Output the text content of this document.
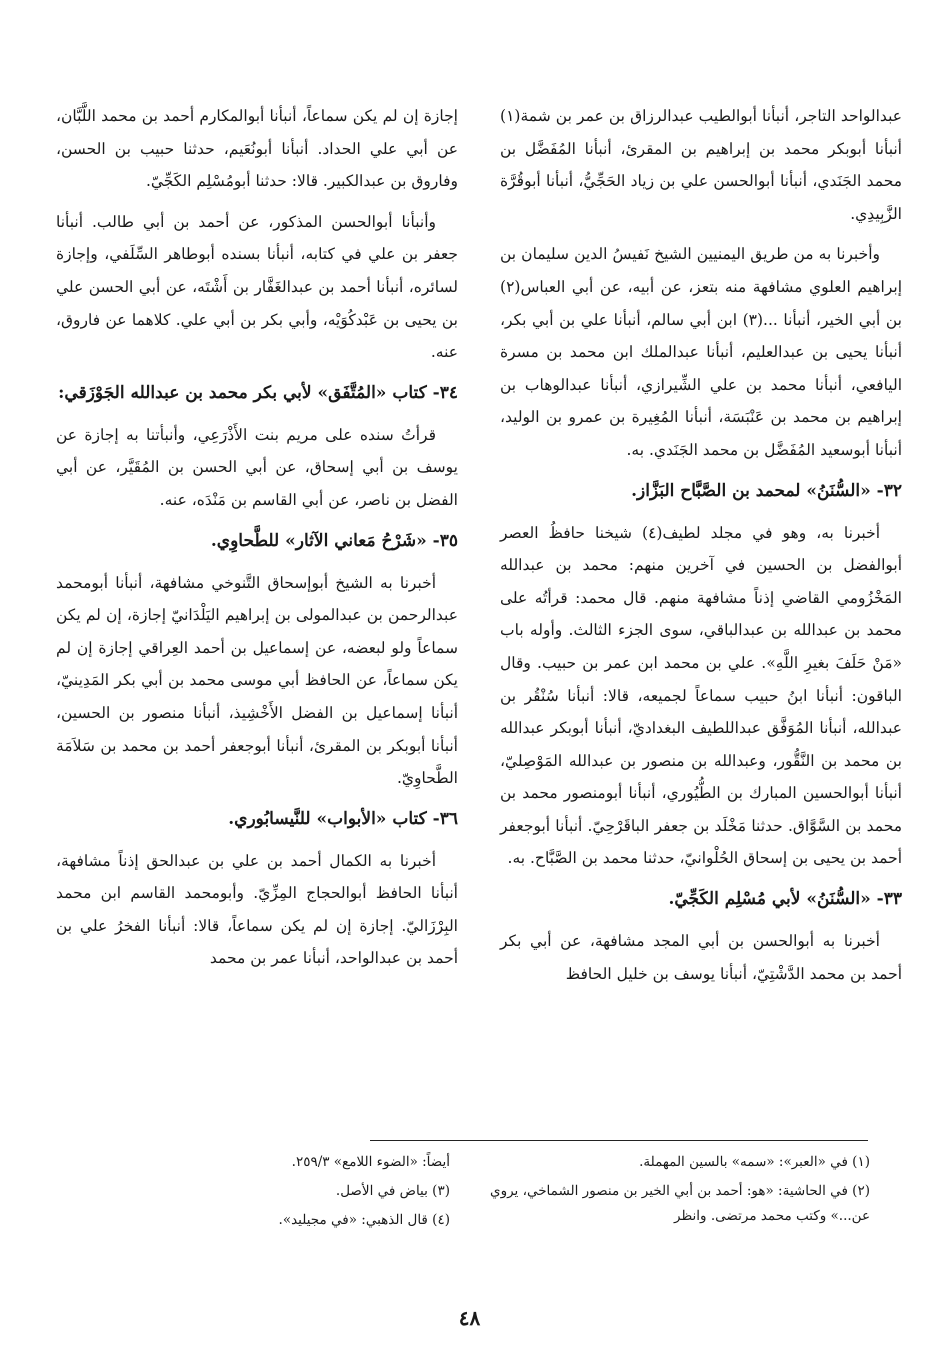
عبدالواحد التاجر، أنبأنا أبوالطيب عبدالرزاق بن عمر بن شمة(١) أنبأنا أبوبكر محمد بن إبراهيم بن المقرئ، أنبأنا المُفَضَّل بن محمد الجَنَدي، أنبأنا أبوالحسن علي بن زياد الحَجِّيُّ، أنبأنا أبوقُرَّة الزَّبِيدِي.

وأخبرنا به من طريق اليمنيين الشيخ نَفيسُ الدين سليمان بن إبراهيم العلوي مشافهة منه بتعز، عن أبيه، عن أبي العباس(٢) بن أبي الخير، أنبأنا ...(٣) ابن أبي سالم، أنبأنا علي بن أبي بكر، أنبأنا يحيى بن عبدالعليم، أنبأنا عبدالملك ابن محمد بن مسرة اليافعي، أنبأنا محمد بن علي الشِّيرازي، أنبأنا عبدالوهاب بن إبراهيم بن محمد بن عَنْبَسَة، أنبأنا المُغِيرة بن عمرو بن الوليد، أنبأنا أبوسعيد المُفَضَّل بن محمد الجَنَدي. به.

٣٢- «السُّنَنُ» لمحمد بن الصَّبَّاح البَزَّاز.

أخبرنا به، وهو في مجلد لطيف(٤) شيخنا حافظُ العصر أبوالفضل بن الحسين في آخرين منهم: محمد بن عبدالله المَخْزُومي القاضي إذناً مشافهة منهم. قال محمد: قرأتُه على محمد بن عبدالله بن عبدالباقي، سوى الجزء الثالث. وأوله باب «مَنْ حَلَفَ بغيرِ اللَّهِ». علي بن محمد ابن عمر بن حبيب. وقال الباقون: أنبأنا ابنُ حبيب سماعاً لجميعه، قالا: أنبأنا سُنْقُر بن عبدالله، أنبأنا المُوَفَّق عبداللطيف البغداديّ، أنبأنا أبوبكر عبدالله بن محمد بن النَّقُّور، وعبدالله بن منصور بن عبدالله المَوْصِليّ، أنبأنا أبوالحسين المبارك بن الطُّيُوري، أنبأنا أبومنصور محمد بن محمد بن السَّوَّاق. حدثنا مَخْلَد بن جعفر الباقَرْحِيّ. أنبأنا أبوجعفر أحمد بن يحيى بن إسحاق الحُلْوانيّ، حدثنا محمد بن الصَّبَّاح. به.

٣٣- «السُّنَنُ» لأبي مُسْلِم الكَجِّيّ.

أخبرنا به أبوالحسن بن أبي المجد مشافهة، عن أبي بكر أحمد بن محمد الدَّشْتِيّ، أنبأنا يوسف بن خليل الحافظ

إجازة إن لم يكن سماعاً، أنبأنا أبوالمكارم أحمد بن محمد اللَّبَّان، عن أبي علي الحداد. أنبأنا أبونُعَيم، حدثنا حبيب بن الحسن، وفاروق بن عبدالكبير. قالا: حدثنا أبومُسْلِم الكَجِّيّ.

وأنبأنا أبوالحسن المذكور، عن أحمد بن أبي طالب. أنبأنا جعفر بن علي في كتابه، أنبأنا بسنده أبوطاهر السِّلَفي، وإجازة لسائره، أنبأنا أحمد بن عبدالغَفَّار بن أَشْتَه، عن أبي الحسن علي بن يحيى بن عَبْدكُوَيْه، وأبي بكر بن أبي علي. كلاهما عن فاروق، عنه.

٣٤- كتاب «المُتَّفَق» لأبي بكر محمد بن عبدالله الجَوْزَقي:

قرأتُ سنده على مريم بنت الأَذْرَعِي، وأنبأتنا به إجازة عن يوسف بن أبي إسحاق، عن أبي الحسن بن المُقَيَّر، عن أبي الفضل بن ناصر، عن أبي القاسم بن مَنْدَه، عنه.

٣٥- «شَرْحُ مَعاني الآثار» للطَّحاوِي.

أخبرنا به الشيخ أبوإسحاق التَّنوخي مشافهة، أنبأنا أبومحمد عبدالرحمن بن عبدالمولى بن إبراهيم اليَلْدَانيّ إجازة، إن لم يكن سماعاً ولو لبعضه، عن إسماعيل بن أحمد العِراقي إجازة إن لم يكن سماعاً، عن الحافظ أبي موسى محمد بن أبي بكر المَدِينيّ، أنبأنا إسماعيل بن الفضل الأَخْشِيذ، أنبأنا منصور بن الحسين، أنبأنا أبوبكر بن المقرئ، أنبأنا أبوجعفر أحمد بن محمد بن سَلاَمَة الطَّحاوِيّ.

٣٦- كتاب «الأبواب» للنَّيسابُوري.

أخبرنا به الكمال أحمد بن علي بن عبدالحق إذناً مشافهة، أنبأنا الحافظ أبوالحجاج المِزِّيّ. وأبومحمد القاسم ابن محمد البِرْزَاليّ. إجازة إن لم يكن سماعاً، قالا: أنبأنا الفخرُ علي بن أحمد بن عبدالواحد، أنبأنا عمر بن محمد

(١) في «العبر»: «سمه» بالسين المهملة.

(٢) في الحاشية: «هو: أحمد بن أبي الخير بن منصور الشماخي، يروي عن...» وكتب محمد مرتضى. وانظر

أيضاً: «الضوء اللامع» ٢٥٩/٣.

(٣) بياض في الأصل.

(٤) قال الذهبي: «في مجيليد».

٤٨
